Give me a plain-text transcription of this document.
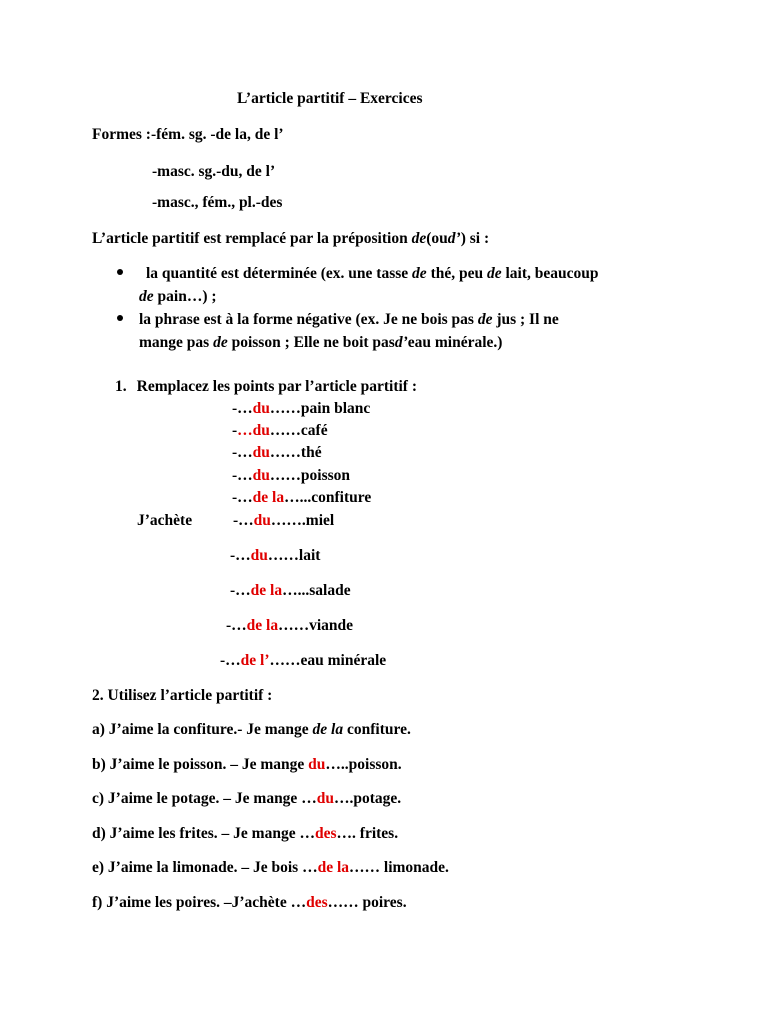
L’article partitif – Exercices
Formes :-fém. sg. -de la, de l’
-masc. sg.-du, de l’
-masc., fém., pl.-des
L’article partitif est remplacé par la préposition de(oud’) si :
la quantité est déterminée (ex. une tasse de thé, peu de lait, beaucoup
de pain…) ;
la phrase est à la forme négative (ex. Je ne bois pas de jus ; Il ne
mange pas de poisson ; Elle ne boit pasd’eau minérale.)
1. Remplacez les points par l’article partitif :
-…du……pain blanc
-…du……café
-…du……thé
-…du……poisson
-…de la…...confiture
J’achète	-…du…….miel
-…du……lait
-…de la…...salade
-…de la……viande
-…de l’……eau minérale
2. Utilisez l’article partitif :
a) J’aime la confiture.- Je mange de la confiture.
b) J’aime le poisson. – Je mange du…..poisson.
c) J’aime le potage. – Je mange …du….potage.
d) J’aime les frites. – Je mange …des…. frites.
e) J’aime la limonade. – Je bois …de la…… limonade.
f) J’aime les poires. –J’achète …des…… poires.
